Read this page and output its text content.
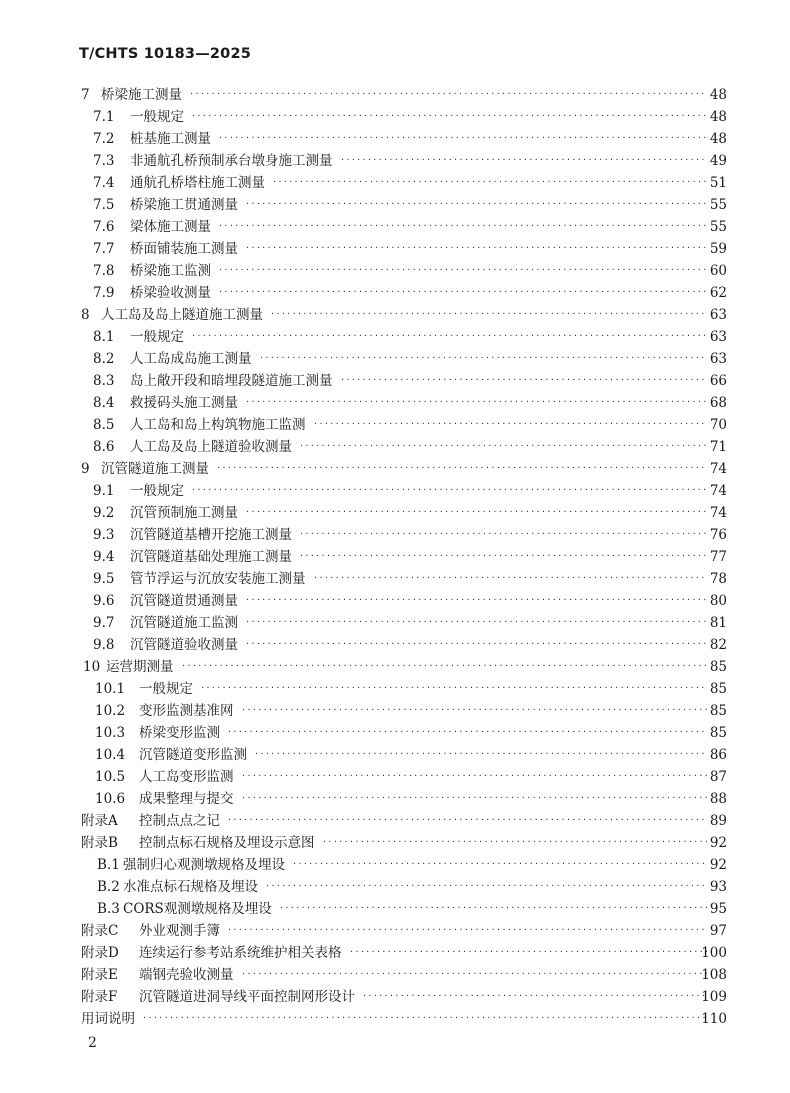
T/CHTS 10183—2025
7 桥梁施工测量 ·····	48
7.1 一般规定 ·····	48
7.2 桩基施工测量 ·····	48
7.3 非通航孔桥预制承台墩身施工测量 ·····	49
7.4 通航孔桥塔柱施工测量 ·····	51
7.5 桥梁施工贯通测量 ·····	55
7.6 梁体施工测量 ·····	55
7.7 桥面铺装施工测量 ·····	59
7.8 桥梁施工监测 ·····	60
7.9 桥梁验收测量 ·····	62
8 人工岛及岛上隧道施工测量 ·····	63
8.1 一般规定 ·····	63
8.2 人工岛成岛施工测量 ·····	63
8.3 岛上敞开段和暗埋段隧道施工测量 ·····	66
8.4 救援码头施工测量 ·····	68
8.5 人工岛和岛上构筑物施工监测 ·····	70
8.6 人工岛及岛上隧道验收测量 ·····	71
9 沉管隧道施工测量 ·····	74
9.1 一般规定 ·····	74
9.2 沉管预制施工测量 ·····	74
9.3 沉管隧道基槽开挖施工测量 ·····	76
9.4 沉管隧道基础处理施工测量 ·····	77
9.5 管节浮运与沉放安装施工测量 ·····	78
9.6 沉管隧道贯通测量 ·····	80
9.7 沉管隧道施工监测 ·····	81
9.8 沉管隧道验收测量 ·····	82
10 运营期测量 ·····	85
10.1 一般规定 ·····	85
10.2 变形监测基准网 ·····	85
10.3 桥梁变形监测 ·····	85
10.4 沉管隧道变形监测 ·····	86
10.5 人工岛变形监测 ·····	87
10.6 成果整理与提交 ·····	88
附录A 控制点点之记 ·····	89
附录B 控制点标石规格及埋设示意图 ·····	92
B.1 强制归心观测墩规格及埋设 ·····	92
B.2 水准点标石规格及埋设 ·····	93
B.3 CORS观测墩规格及埋设 ·····	95
附录C 外业观测手簿 ·····	97
附录D 连续运行参考站系统维护相关表格 ·····	100
附录E 端钢壳验收测量 ·····	108
附录F 沉管隧道进洞导线平面控制网形设计 ·····	109
用词说明 ·····	110
2
